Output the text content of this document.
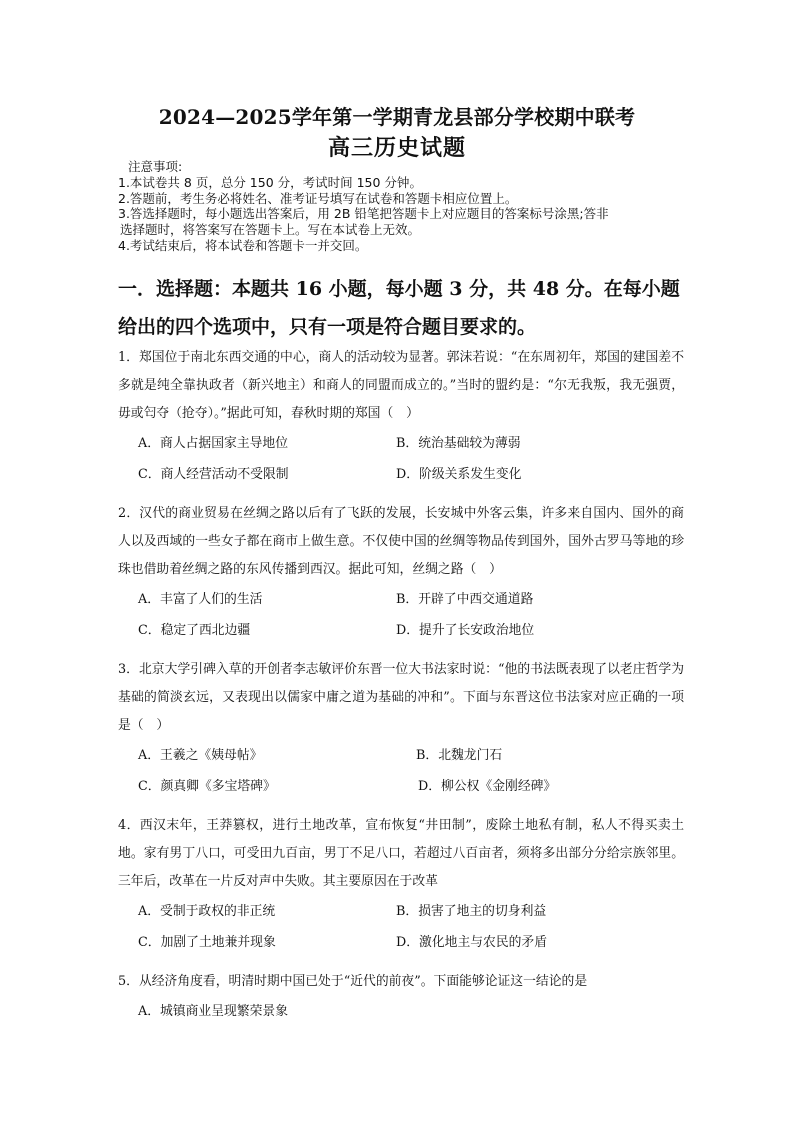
2024—2025学年第一学期青龙县部分学校期中联考
高三历史试题
注意事项:
1.本试卷共 8 页，总分 150 分，考试时间 150 分钟。
2.答题前，考生务必将姓名、准考证号填写在试卷和答题卡相应位置上。
3.答选择题时，每小题选出答案后，用 2B 铅笔把答题卡上对应题目的答案标号涂黑;答非
选择题时，将答案写在答题卡上。写在本试卷上无效。
4.考试结束后，将本试卷和答题卡一并交回。
一．选择题：本题共 16 小题，每小题 3 分，共 48 分。在每小题
给出的四个选项中，只有一项是符合题目要求的。
1．郑国位于南北东西交通的中心，商人的活动较为显著。郭沫若说：“在东周初年，郑国的建国差不多就是纯全靠执政者（新兴地主）和商人的同盟而成立的。”当时的盟约是：“尔无我叛，我无强贾，毋或匄夺（抢夺）。”据此可知，春秋时期的郑国（　）
A．商人占据国家主导地位	B．统治基础较为薄弱
C．商人经营活动不受限制	D．阶级关系发生变化
2．汉代的商业贸易在丝绸之路以后有了飞跃的发展，长安城中外客云集，许多来自国内、国外的商人以及西域的一些女子都在商市上做生意。不仅使中国的丝绸等物品传到国外，国外古罗马等地的珍珠也借助着丝绸之路的东风传播到西汉。据此可知，丝绸之路（　）
A．丰富了人们的生活	B．开辟了中西交通道路
C．稳定了西北边疆	D．提升了长安政治地位
3．北京大学引碑入草的开创者李志敏评价东晋一位大书法家时说：“他的书法既表现了以老庄哲学为基础的简淡玄远，又表现出以儒家中庸之道为基础的冲和”。下面与东晋这位书法家对应正确的一项是（　）
A．王羲之《姨母帖》	B．北魏龙门石
C．颜真卿《多宝塔碑》	D．柳公权《金刚经碑》
4．西汉末年，王莽篡权，进行土地改革，宣布恢复“井田制”，废除土地私有制，私人不得买卖土地。家有男丁八口，可受田九百亩，男丁不足八口，若超过八百亩者，须将多出部分分给宗族邻里。三年后，改革在一片反对声中失败。其主要原因在于改革
A．受制于政权的非正统	B．损害了地主的切身利益
C．加剧了土地兼并现象	D．激化地主与农民的矛盾
5．从经济角度看，明清时期中国已处于“近代的前夜”。下面能够论证这一结论的是
A．城镇商业呈现繁荣景象
